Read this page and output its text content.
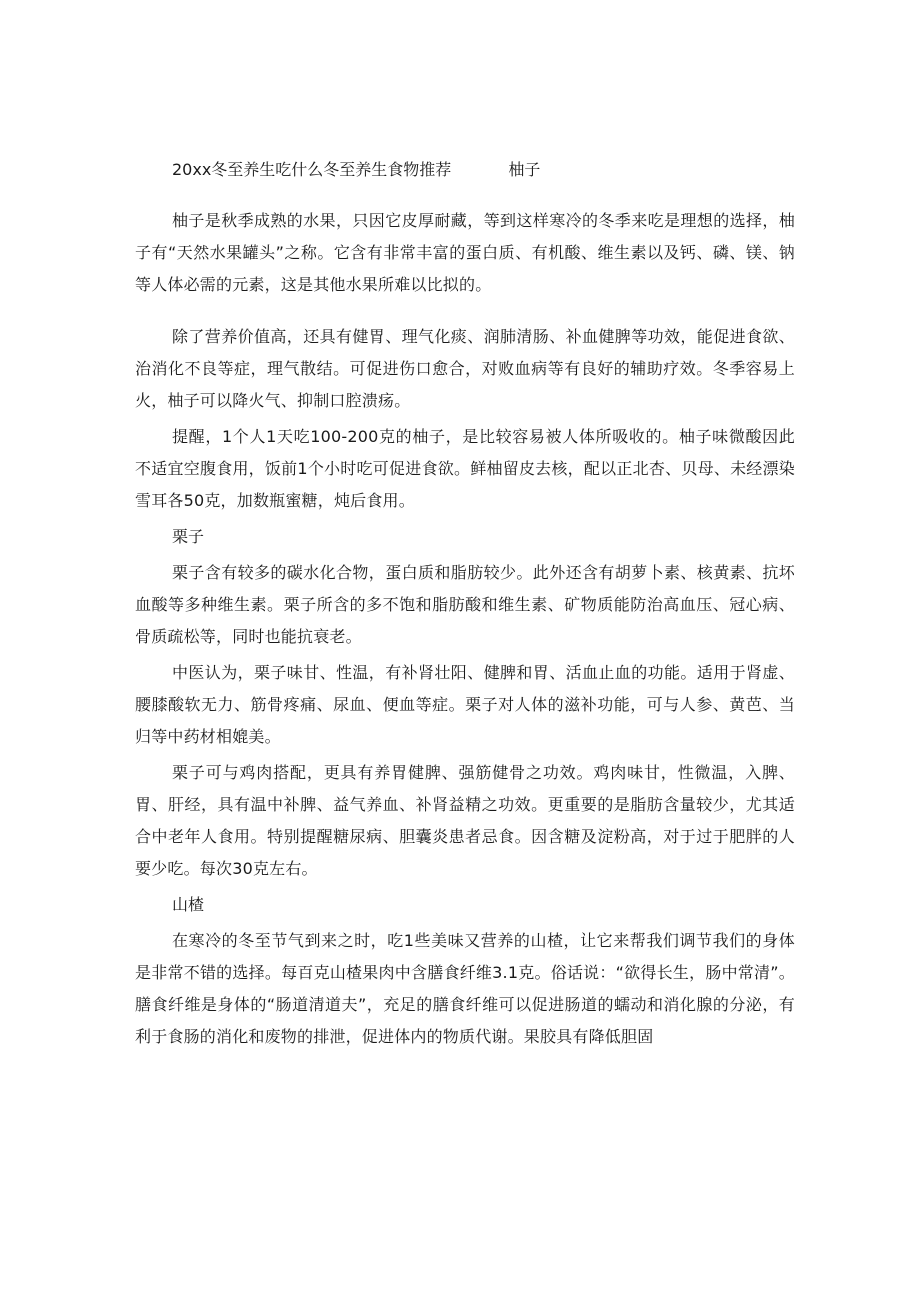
20xx冬至养生吃什么冬至养生食物推荐	柚子

柚子是秋季成熟的水果，只因它皮厚耐藏，等到这样寒冷的冬季来吃是理想的选择，柚子有“天然水果罐头”之称。它含有非常丰富的蛋白质、有机酸、维生素以及钙、磷、镁、钠等人体必需的元素，这是其他水果所难以比拟的。

除了营养价值高，还具有健胃、理气化痰、润肺清肠、补血健脾等功效，能促进食欲、治消化不良等症，理气散结。可促进伤口愈合，对败血病等有良好的辅助疗效。冬季容易上火，柚子可以降火气、抑制口腔溃疡。

提醒，1个人1天吃100-200克的柚子，是比较容易被人体所吸收的。柚子味微酸因此不适宜空腹食用，饭前1个小时吃可促进食欲。鲜柚留皮去核，配以正北杏、贝母、未经漂染雪耳各50克，加数瓶蜜糖，炖后食用。

栗子

栗子含有较多的碳水化合物，蛋白质和脂肪较少。此外还含有胡萝卜素、核黄素、抗坏血酸等多种维生素。栗子所含的多不饱和脂肪酸和维生素、矿物质能防治高血压、冠心病、骨质疏松等，同时也能抗衰老。

中医认为，栗子味甘、性温，有补肾壮阳、健脾和胃、活血止血的功能。适用于肾虚、腰膝酸软无力、筋骨疼痛、尿血、便血等症。栗子对人体的滋补功能，可与人参、黄芭、当归等中药材相媲美。

栗子可与鸡肉搭配，更具有养胃健脾、强筋健骨之功效。鸡肉味甘，性微温，入脾、胃、肝经，具有温中补脾、益气养血、补肾益精之功效。更重要的是脂肪含量较少，尤其适合中老年人食用。特别提醒糖尿病、胆囊炎患者忌食。因含糖及淀粉高，对于过于肥胖的人要少吃。每次30克左右。

山楂

在寒冷的冬至节气到来之时，吃1些美味又营养的山楂，让它来帮我们调节我们的身体是非常不错的选择。每百克山楂果肉中含膳食纤维3.1克。俗话说：“欲得长生，肠中常清”。膳食纤维是身体的“肠道清道夫”，充足的膳食纤维可以促进肠道的蠕动和消化腺的分泌，有利于食肠的消化和废物的排泄，促进体内的物质代谢。果胶具有降低胆固
